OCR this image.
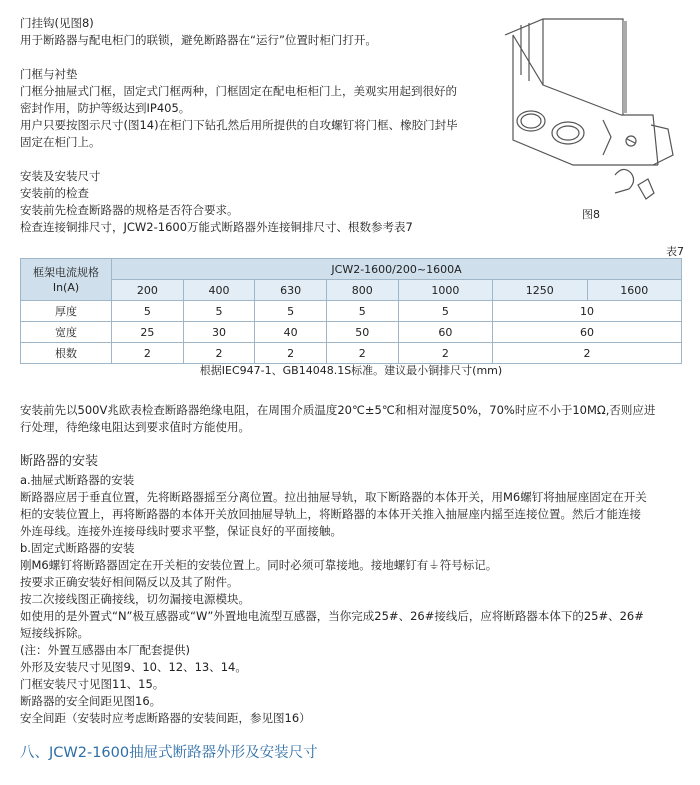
门挂钩(见图8)
用于断路器与配电柜门的联锁，避免断路器在“运行”位置时柜门打开。

门框与衬垫
门框分抽屉式门框，固定式门框两种，门框固定在配电柜柜门上，美观实用起到很好的
密封作用，防护等级达到IP405。
用户只要按图示尺寸(图14)在柜门下钻孔然后用所提供的自攻螺钉将门框、橡胶门封毕
固定在柜门上。

安装及安装尺寸
安装前的检查
安装前先检查断路器的规格是否符合要求。
检查连接铜排尺寸，JCW2-1600万能式断路器外连接铜排尺寸、根数参考表7
图8
表7
框架电流规格In(A)	JCW2-1600/200~1600A						
	200	400	630	800	1000	1250	1600
厚度	5	5	5	5	5	10	
宽度	25	30	40	50	60	60	
根数	2	2	2	2	2	2	
根据IEC947-1、GB14048.1S标准。建议最小铜排尺寸(mm)
安装前先以500V兆欧表检查断路器绝缘电阻，在周围介质温度20℃±5℃和相对湿度50%，70%时应不小于10MΩ,否则应进
行处理，待绝缘电阻达到要求值时方能使用。
断路器的安装
a.抽屉式断路器的安装
断路器应居于垂直位置，先将断路器摇至分离位置。拉出抽屉导轨，取下断路器的本体开关，用M6螺钉将抽屉座固定在开关
柜的安装位置上，再将断路器的本体开关放回抽屉导轨上，将断路器的本体开关推入抽屉座内摇至连接位置。然后才能连接
外连母线。连接外连接母线时要求平整，保证良好的平面接触。
b.固定式断路器的安装
刚M6螺钉将断路器固定在开关柜的安装位置上。同时必须可靠接地。接地螺钉有⏚符号标记。
按要求正确安装好相间隔反以及其了附件。
按二次接线图正确接线，切勿漏接电源模块。
如使用的是外置式“N”极互感器或“W”外置地电流型互感器，当你完成25#、26#接线后，应将断路器本体下的25#、26#
短接线拆除。
(注：外置互感器由本厂配套提供)
外形及安装尺寸见图9、10、12、13、14。
门框安装尺寸见图11、15。
断路器的安全间距见图16。
安全间距（安装时应考虑断路器的安装间距，参见图16）
八、JCW2-1600抽屉式断路器外形及安装尺寸
